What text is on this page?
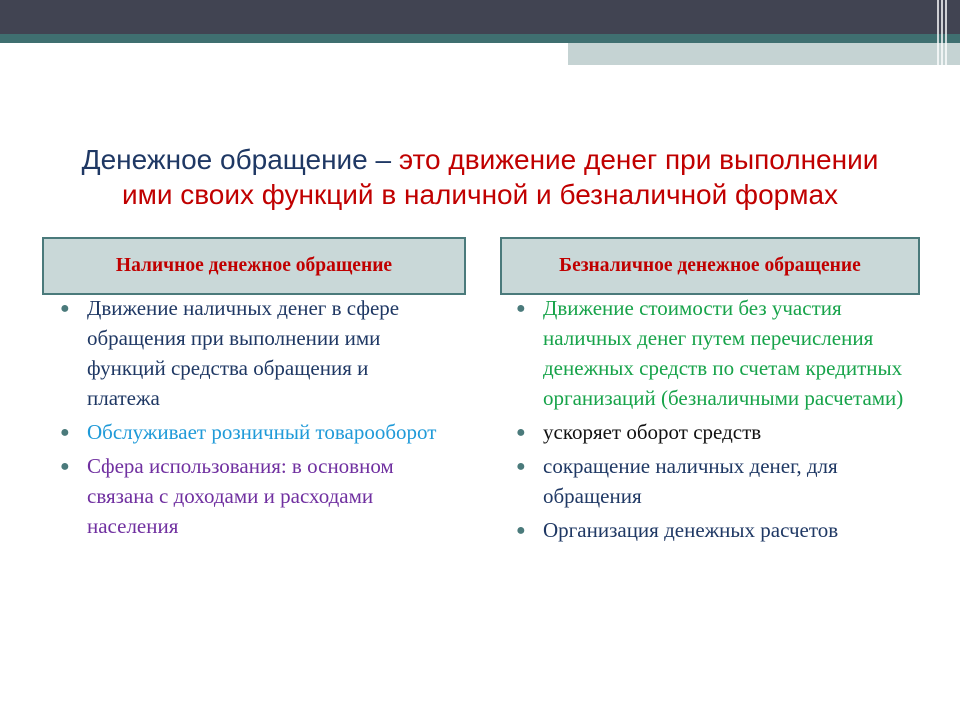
Денежное обращение – это движение денег при выполнении
ими своих функций в наличной и безналичной формах
Наличное денежное обращение	Безналичное денежное обращение
● Движение наличных денег в сфере обращения при выполнении ими функций средства обращения и платежа
● Обслуживает розничный товарооборот
● Сфера использования: в основном связана с доходами и расходами населения
● Движение стоимости без участия наличных денег путем перечисления денежных средств по счетам кредитных организаций (безналичными расчетами)
● ускоряет оборот средств
● сокращение наличных денег, для обращения
● Организация денежных расчетов
